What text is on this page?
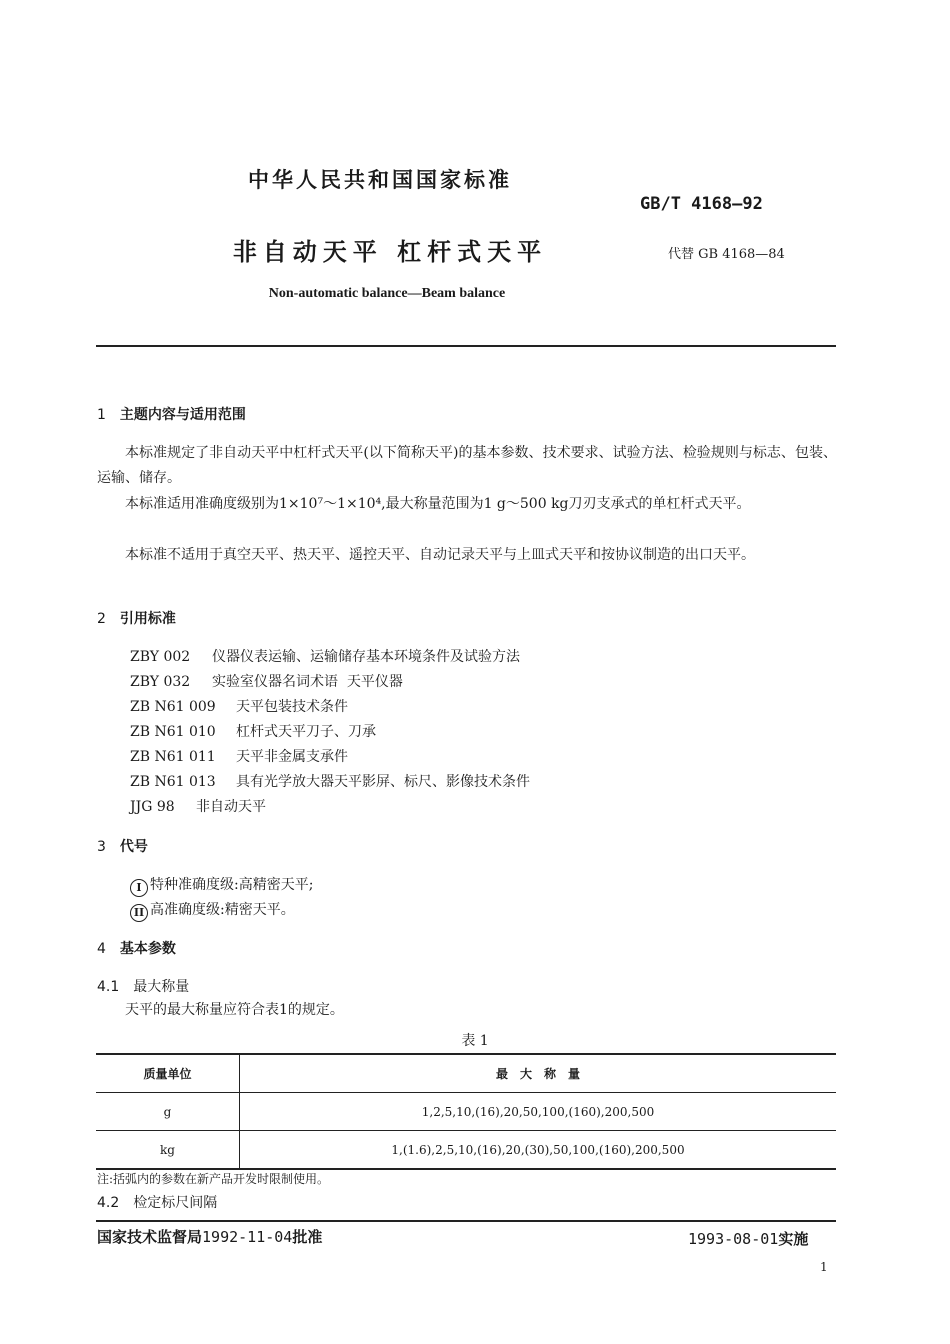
中华人民共和国国家标准
GB/T 4168—92
非自动天平 杠杆式天平	代替 GB 4168—84
Non-automatic balance—Beam balance
1 主题内容与适用范围
本标准规定了非自动天平中杠杆式天平(以下简称天平)的基本参数、技术要求、试验方法、检验规则与标志、包装、运输、储存。
本标准适用准确度级别为1×10⁷～1×10⁴,最大称量范围为1 g～500 kg刀刃支承式的单杠杆式天平。
本标准不适用于真空天平、热天平、遥控天平、自动记录天平与上皿式天平和按协议制造的出口天平。
2 引用标准
ZBY 002 仪器仪表运输、运输储存基本环境条件及试验方法
ZBY 032 实验室仪器名词术语  天平仪器
ZB N61 009 天平包装技术条件
ZB N61 010 杠杆式天平刀子、刀承
ZB N61 011 天平非金属支承件
ZB N61 013 具有光学放大器天平影屏、标尺、影像技术条件
JJG 98 非自动天平
3 代号
I 特种准确度级:高精密天平;
II 高准确度级:精密天平。
4 基本参数
4.1 最大称量
天平的最大称量应符合表1的规定。
表 1
质量单位	最　大　称　量
g	1,2,5,10,(16),20,50,100,(160),200,500
kg	1,(1.6),2,5,10,(16),20,(30),50,100,(160),200,500
注:括弧内的参数在新产品开发时限制使用。
4.2 检定标尺间隔
国家技术监督局1992-11-04批准	1993-08-01实施
1
